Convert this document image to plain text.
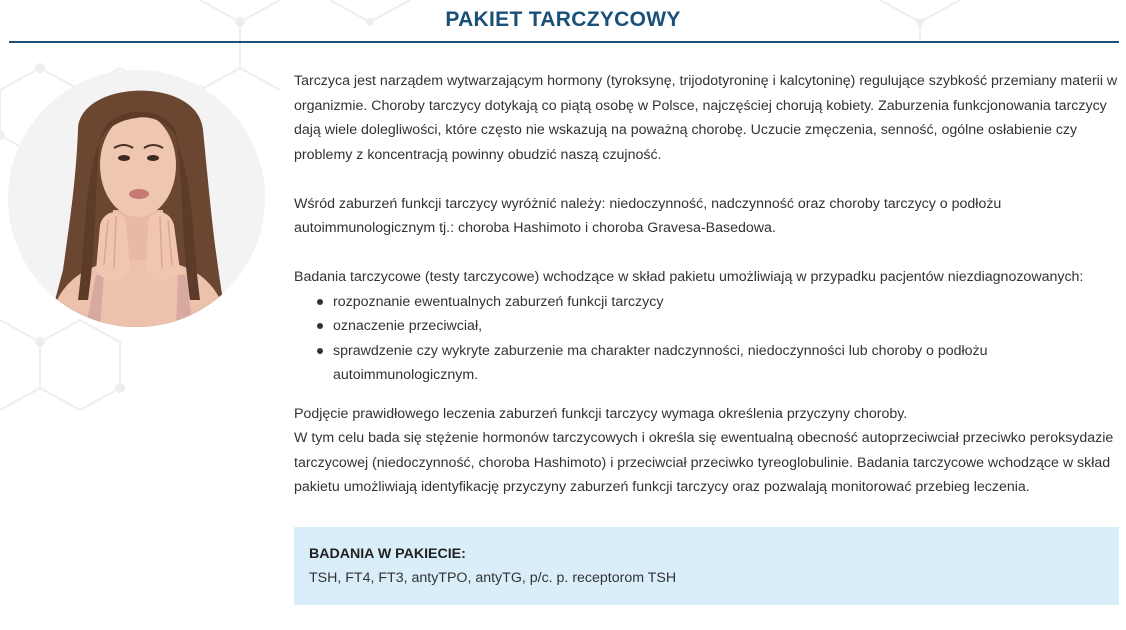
PAKIET TARCZYCOWY

Tarczyca jest narządem wytwarzającym hormony (tyroksynę, trijodotyroninę i kalcytoninę) regulujące szybkość przemiany materii w organizmie. Choroby tarczycy dotykają co piątą osobę w Polsce, najczęściej chorują kobiety. Zaburzenia funkcjonowania tarczycy dają wiele dolegliwości, które często nie wskazują na poważną chorobę. Uczucie zmęczenia, senność, ogólne osłabienie czy problemy z koncentracją powinny obudzić naszą czujność.

Wśród zaburzeń funkcji tarczycy wyróżnić należy: niedoczynność, nadczynność oraz choroby tarczycy o podłożu autoimmunologicznym tj.: choroba Hashimoto i choroba Gravesa-Basedowa.

Badania tarczycowe (testy tarczycowe) wchodzące w skład pakietu umożliwiają w przypadku pacjentów niezdiagnozowanych:

rozpoznanie ewentualnych zaburzeń funkcji tarczycy
oznaczenie przeciwciał,
sprawdzenie czy wykryte zaburzenie ma charakter nadczynności, niedoczynności lub choroby o podłożu autoimmunologicznym.

Podjęcie prawidłowego leczenia zaburzeń funkcji tarczycy wymaga określenia przyczyny choroby.

W tym celu bada się stężenie hormonów tarczycowych i określa się ewentualną obecność autoprzeciwciał przeciwko peroksydazie tarczycowej (niedoczynność, choroba Hashimoto) i przeciwciał przeciwko tyreoglobulinie. Badania tarczycowe wchodzące w skład pakietu umożliwiają identyfikację przyczyny zaburzeń funkcji tarczycy oraz pozwalają monitorować przebieg leczenia.

BADANIA W PAKIECIE:
TSH, FT4, FT3, antyTPO, antyTG, p/c. p. receptorom TSH
